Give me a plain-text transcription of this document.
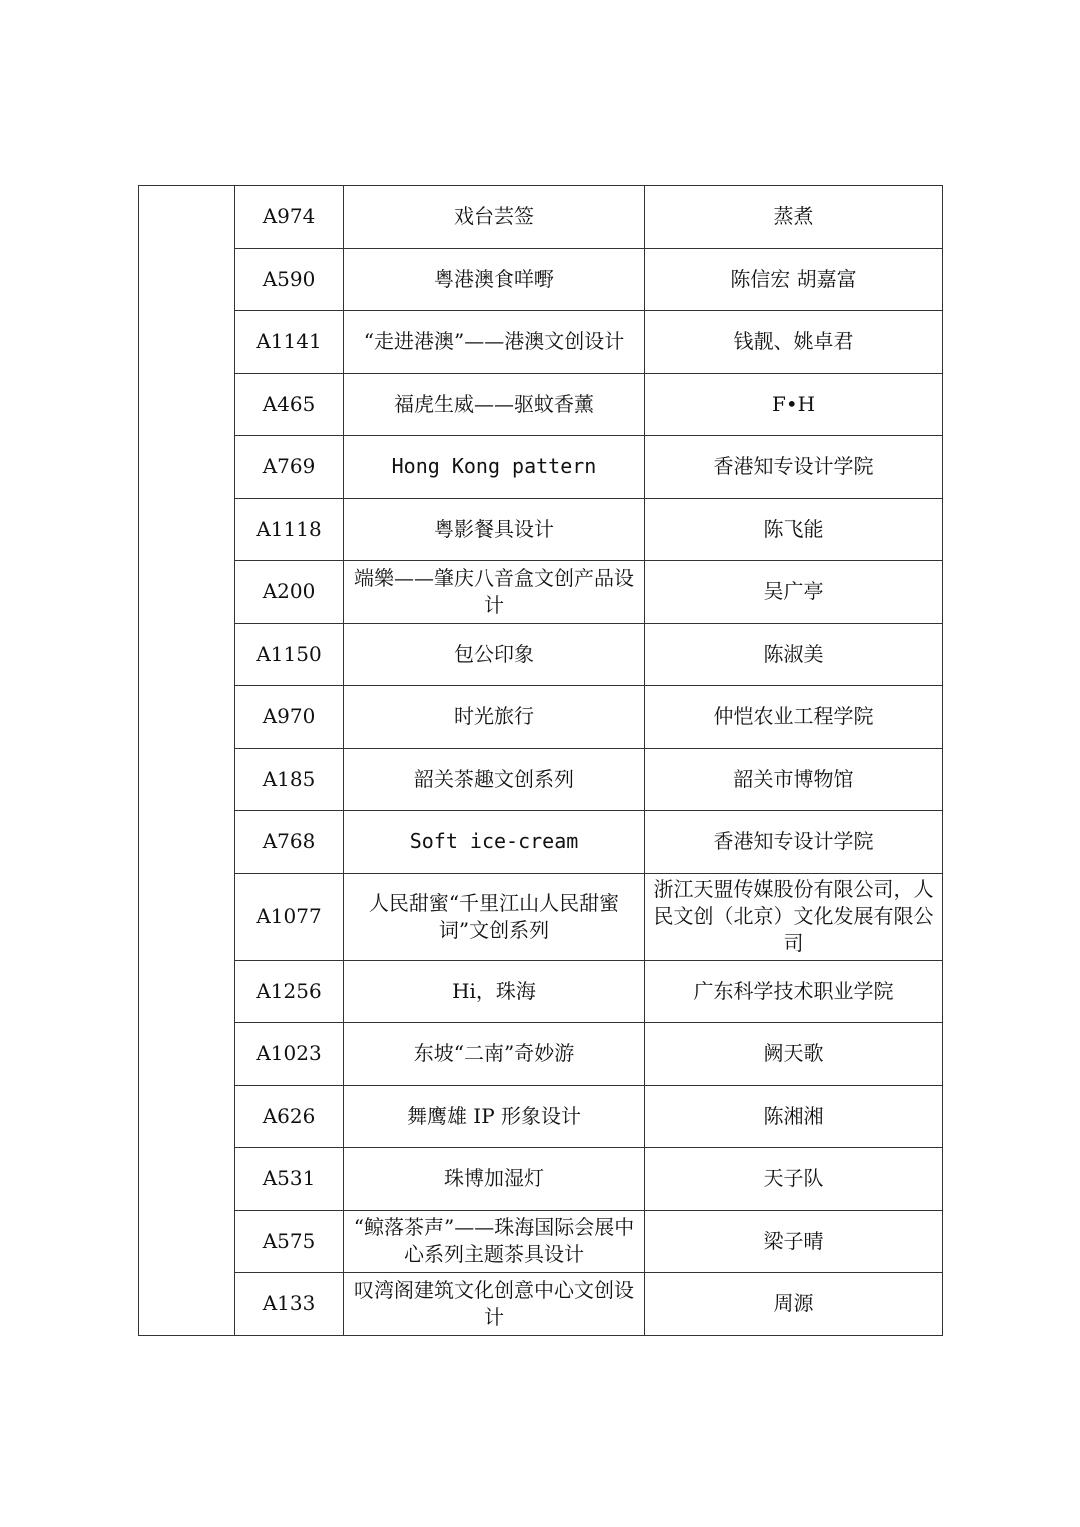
	A974	戏台芸签	蒸煮
	A590	粤港澳食咩嘢	陈信宏 胡嘉富
	A1141	“走进港澳”——港澳文创设计	钱靓、姚卓君
	A465	福虎生威——驱蚊香薰	F•H
	A769	Hong Kong pattern	香港知专设计学院
	A1118	粤影餐具设计	陈飞能
	A200	端樂——肇庆八音盒文创产品设计	吴广亭
	A1150	包公印象	陈淑美
	A970	时光旅行	仲恺农业工程学院
	A185	韶关茶趣文创系列	韶关市博物馆
	A768	Soft ice-cream	香港知专设计学院
	A1077	人民甜蜜“千里江山人民甜蜜词”文创系列	浙江天盟传媒股份有限公司，人民文创（北京）文化发展有限公司
	A1256	Hi，珠海	广东科学技术职业学院
	A1023	东坡“二南”奇妙游	阙天歌
	A626	舞鹰雄 IP 形象设计	陈湘湘
	A531	珠博加湿灯	天子队
	A575	“鲸落茶声”——珠海国际会展中心系列主题茶具设计	梁子晴
	A133	叹湾阁建筑文化创意中心文创设计	周源
